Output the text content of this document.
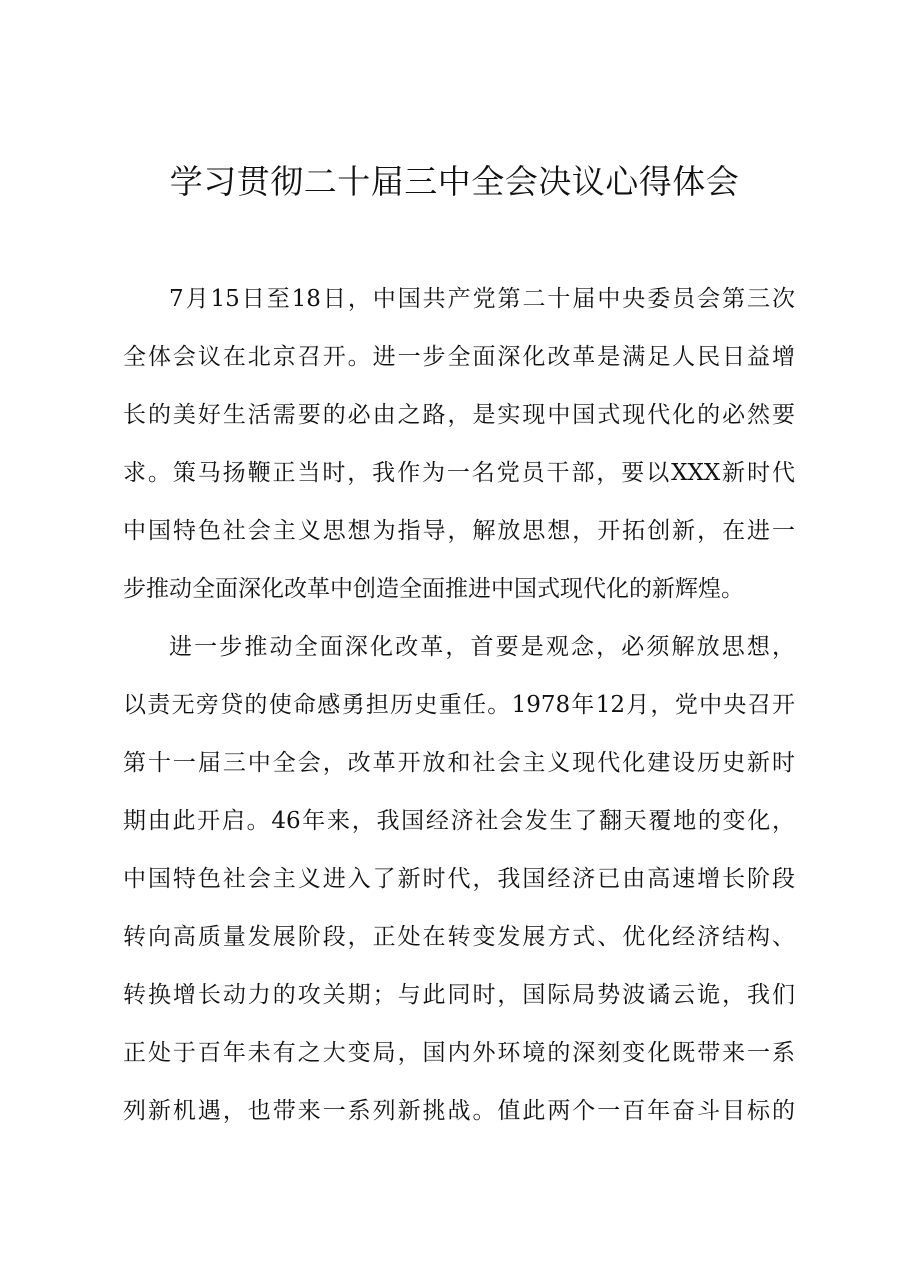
学习贯彻二十届三中全会决议心得体会
7月15日至18日，中国共产党第二十届中央委员会第三次
全体会议在北京召开。进一步全面深化改革是满足人民日益增
长的美好生活需要的必由之路，是实现中国式现代化的必然要
求。策马扬鞭正当时，我作为一名党员干部，要以XXX新时代
中国特色社会主义思想为指导，解放思想，开拓创新，在进一
步推动全面深化改革中创造全面推进中国式现代化的新辉煌。
进一步推动全面深化改革，首要是观念，必须解放思想，
以责无旁贷的使命感勇担历史重任。1978年12月，党中央召开
第十一届三中全会，改革开放和社会主义现代化建设历史新时
期由此开启。46年来，我国经济社会发生了翻天覆地的变化，
中国特色社会主义进入了新时代，我国经济已由高速增长阶段
转向高质量发展阶段，正处在转变发展方式、优化经济结构、
转换增长动力的攻关期；与此同时，国际局势波谲云诡，我们
正处于百年未有之大变局，国内外环境的深刻变化既带来一系
列新机遇，也带来一系列新挑战。值此两个一百年奋斗目标的
